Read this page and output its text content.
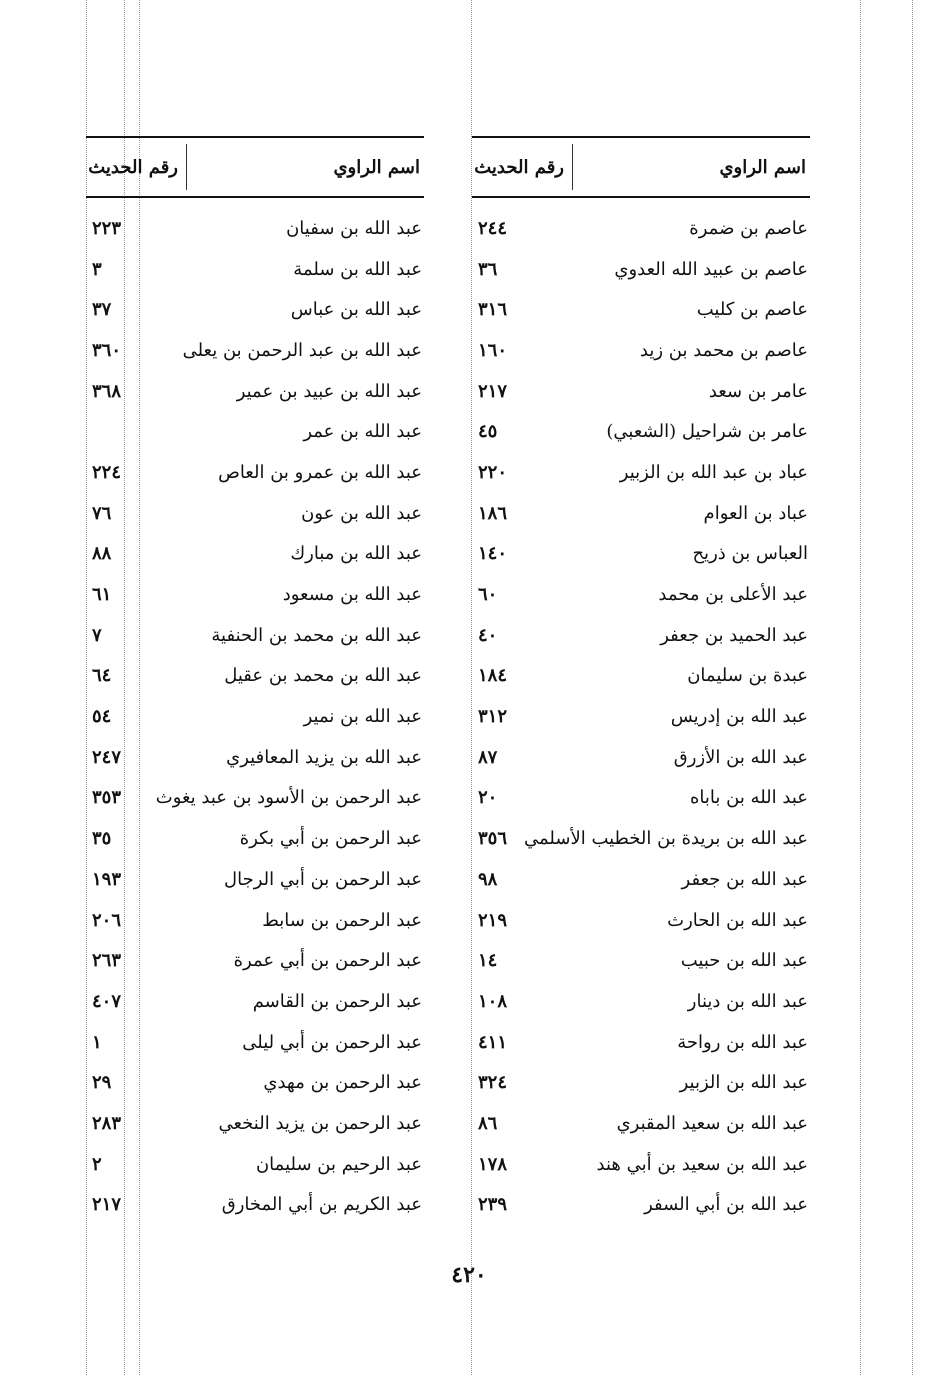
اسم الراوي
رقم الحديث
عاصم بن ضمرة
٢٤٤
عاصم بن عبيد الله العدوي
٣٦
عاصم بن كليب
٣١٦
عاصم بن محمد بن زيد
١٦٠
عامر بن سعد
٢١٧
عامر بن شراحيل (الشعبي)
٤٥
عباد بن عبد الله بن الزبير
٢٢٠
عباد بن العوام
١٨٦
العباس بن ذريح
١٤٠
عبد الأعلى بن محمد
٦٠
عبد الحميد بن جعفر
٤٠
عبدة بن سليمان
١٨٤
عبد الله بن إدريس
٣١٢
عبد الله بن الأزرق
٨٧
عبد الله بن باباه
٢٠
عبد الله بن بريدة بن الخطيب الأسلمي
٣٥٦
عبد الله بن جعفر
٩٨
عبد الله بن الحارث
٢١٩
عبد الله بن حبيب
١٤
عبد الله بن دينار
١٠٨
عبد الله بن رواحة
٤١١
عبد الله بن الزبير
٣٢٤
عبد الله بن سعيد المقبري
٨٦
عبد الله بن سعيد بن أبي هند
١٧٨
عبد الله بن أبي السفر
٢٣٩
اسم الراوي
رقم الحديث
عبد الله بن سفيان
٢٢٣
عبد الله بن سلمة
٣
عبد الله بن عباس
٣٧
عبد الله بن عبد الرحمن بن يعلى
٣٦٠
عبد الله بن عبيد بن عمير
٣٦٨
عبد الله بن عمر
عبد الله بن عمرو بن العاص
٢٢٤
عبد الله بن عون
٧٦
عبد الله بن مبارك
٨٨
عبد الله بن مسعود
٦١
عبد الله بن محمد بن الحنفية
٧
عبد الله بن محمد بن عقيل
٦٤
عبد الله بن نمير
٥٤
عبد الله بن يزيد المعافيري
٢٤٧
عبد الرحمن بن الأسود بن عبد يغوث
٣٥٣
عبد الرحمن بن أبي بكرة
٣٥
عبد الرحمن بن أبي الرجال
١٩٣
عبد الرحمن بن سابط
٢٠٦
عبد الرحمن بن أبي عمرة
٢٦٣
عبد الرحمن بن القاسم
٤٠٧
عبد الرحمن بن أبي ليلى
١
عبد الرحمن بن مهدي
٢٩
عبد الرحمن بن يزيد النخعي
٢٨٣
عبد الرحيم بن سليمان
٢
عبد الكريم بن أبي المخارق
٢١٧
٤٢٠
